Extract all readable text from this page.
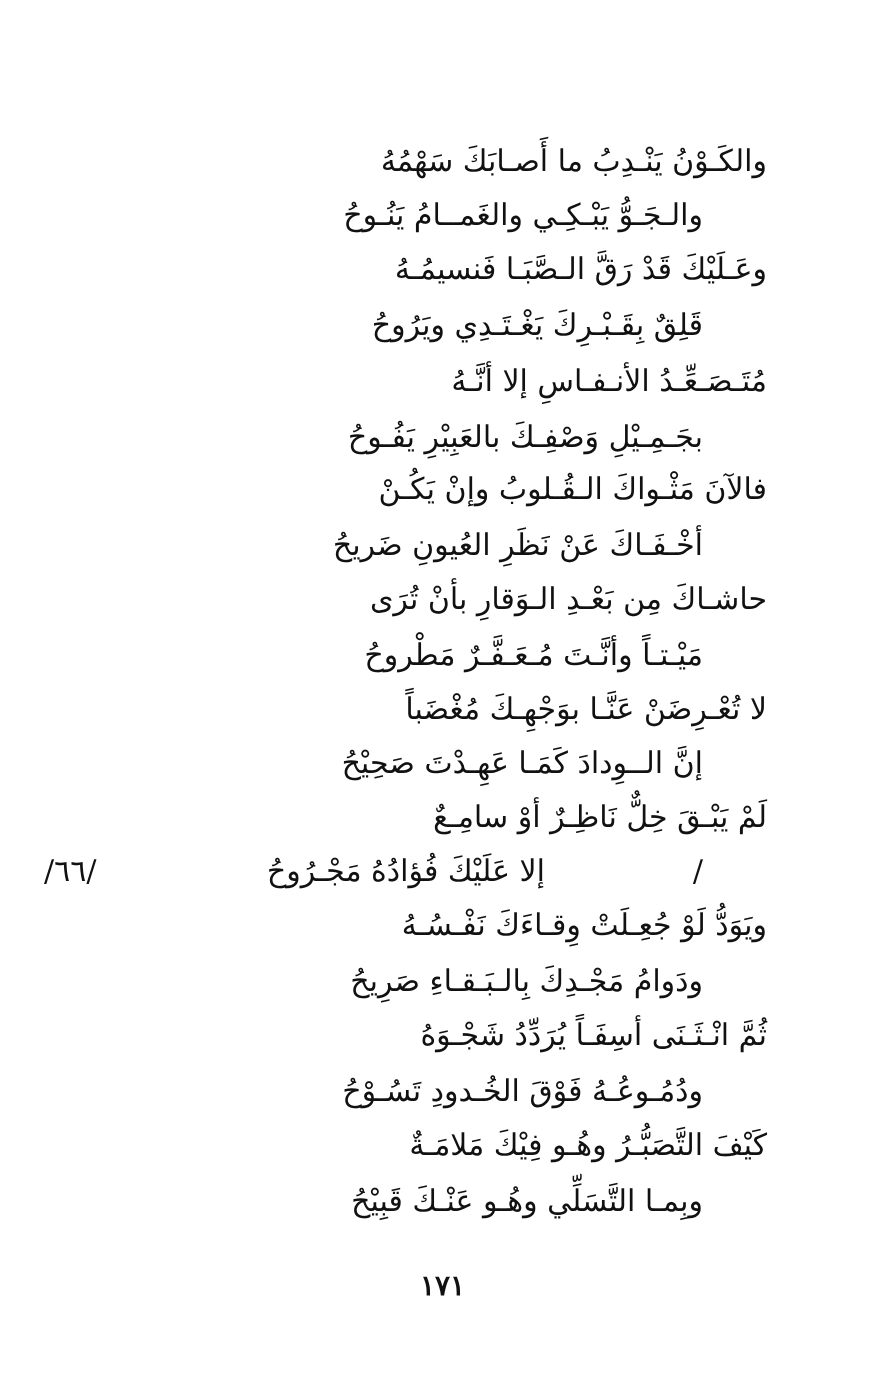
والكَـوْنُ يَنْـدِبُ ما أَصـابَكَ سَهْمُهُ
والـجَـوُّ يَبْـكِـي والغَمــامُ يَنُـوحُ
وعَـلَيْكَ قَدْ رَقَّ الـصَّبَـا فَنسيمُـهُ
قَلِقٌ بِقَـبْـرِكَ يَغْـتَـدِي ويَرُوحُ
مُتَـصَـعِّـدُ الأنـفـاسِ إلا أنَّـهُ
بجَـمِـيْلِ وَصْفِـكَ بالعَبِيْرِ يَفُـوحُ
فالآنَ مَثْـواكَ الـقُـلوبُ وإنْ يَكُـنْ
أخْـفَـاكَ عَنْ نَظَرِ العُيونِ ضَريحُ
حاشـاكَ مِن بَعْـدِ الـوَقارِ بأنْ تُرَى
مَيْـتـاً وأنَّـتَ مُـعَـفَّـرٌ مَطْروحُ
لا تُعْـرِضَنْ عَنَّـا بوَجْهِـكَ مُغْضَباً
إنَّ الــوِدادَ كَمَـا عَهِـدْتَ صَحِيْحُ
لَمْ يَبْـقَ خِلٌّ نَاظِـرٌ أوْ سامِـعٌ
إلا عَلَيْكَ فُؤادُهُ مَجْـرُوحُ	/
/٦٦/
ويَوَدُّ لَوْ جُعِـلَتْ وِقـاءَكَ نَفْـسُـهُ
ودَوامُ مَجْـدِكَ بِالـبَـقـاءِ صَرِيحُ
ثُمَّ انْـثَـنَى أسِفَـاً يُرَدِّدُ شَجْـوَهُ
ودُمُـوعُـهُ فَوْقَ الخُـدودِ تَسُـوْحُ
كَيْفَ التَّصَبُّـرُ وهُـو فِيْكَ مَلامَـةٌ
وبِمـا التَّسَلِّي وهُـو عَنْـكَ قَبِيْحُ
١٧١
